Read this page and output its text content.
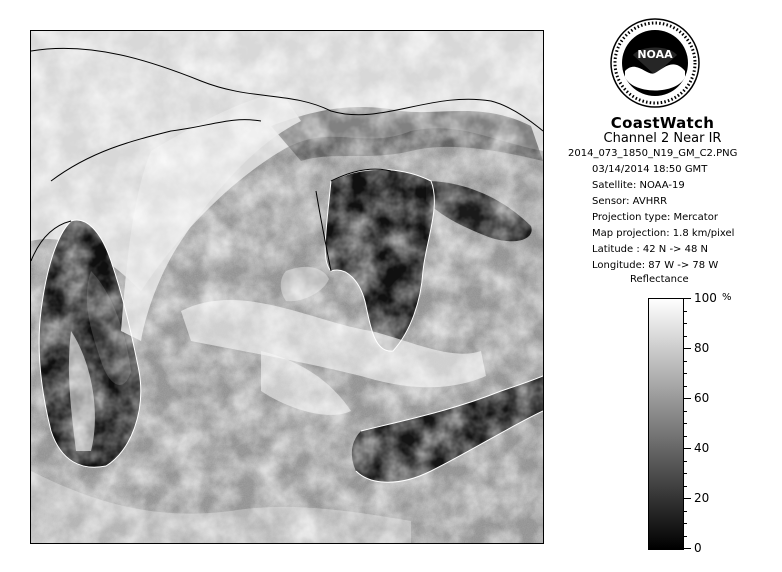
NOAA
CoastWatch
Channel 2 Near IR
2014_073_1850_N19_GM_C2.PNG
03/14/2014 18:50 GMT
Satellite: NOAA-19
Sensor: AVHRR
Projection type: Mercator
Map projection: 1.8 km/pixel
Latitude : 42 N -> 48 N
Longitude: 87 W -> 78 W
Reflectance
0
20
40
60
80
100 %
